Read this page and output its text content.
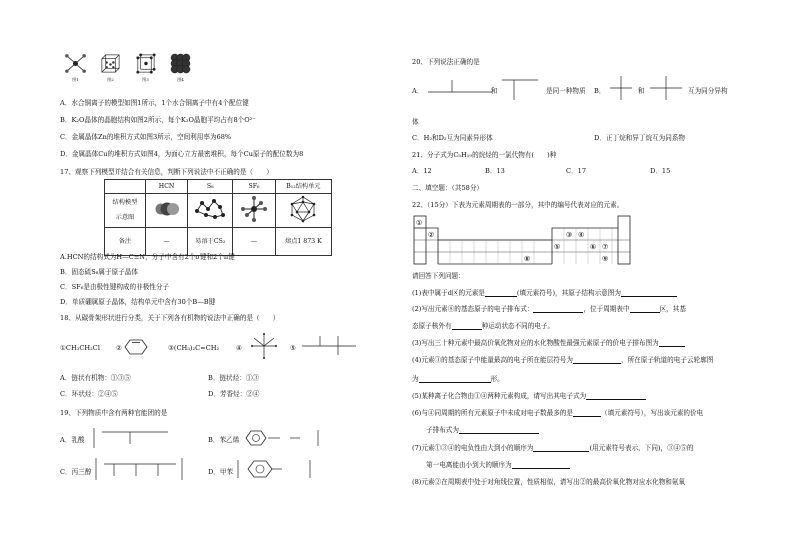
图1	图2	图3	图4
A．水合铜离子的模型如图1所示，1个水合铜离子中有4个配位键
B．K₂O晶体的晶胞结构如图2所示，每个K₂O晶胞平均占有8个O²⁻
C．金属晶体Zn的堆积方式如图3所示，空间利用率为68%
D．金属晶体Cu的堆积方式如图4，为面心立方最密堆积，每个Cu原子的配位数为8
17、观察下列模型并结合有关信息，判断下列说法中不正确的是（　　）
	HCN	S₈	SF₆	B₁₂结构单元
结构模型

示意图				
备注	—	易溶于CS₂	—	熔点1 873 K
A.HCN的结构式为H—C≡N，分子中含有2个σ键和2个π键
B．固态硫S₈属于原子晶体
C．SF₆是由极性键构成的非极性分子
D．单质硼属原子晶体，结构单元中含有30个B—B键
18、从碳骨架形状进行分类，关于下列各有机物的说法中正确的是（　　）
①CH₃CH₂Cl ②	③(CH₃)₂C=CH₂	④	⑤
A．链状有机物：①③⑤	B．链状烃：①③
C．环状烃：②④⑤	D．芳香烃：②④
19、下列物质中含有两种官能团的是
A．乳酸	B．苯乙烯
C．丙三醇	D．甲苯
20、下列说法正确的是
A．	和	是同一种物质 B．	和	互为同分异构
体
C．H₂和D₂互为同素异形体	D．正丁烷和异丁烷互为同系物
21、分子式为C₅H₁₀的烷烃的一氯代物有(　　)种
A．12	B．13	C．17	D．15
二、填空题：（共58分）
22、（15分）下表为元素周期表的一部分，其中的编号代表对应的元素。
①
②	③ ④
⑤	⑥ ⑦
⑧	⑨
请回答下列问题：
(1)表中属于d区的元素是	(填元素符号)，其原子结构示意图为
(2)写出元素⑧的基态原子的电子排布式：	，位于周期表中	区，其基
态原子核外有	种运动状态不同的电子。
(3)写出三十种元素中最高价氧化物对应的水化物酸性最强元素原子的价电子排布图为
(4)元素③的基态原子中能量最高的电子所在能层符号为	，所在原子轨道的电子云轮廓图
为	形。
(5)某种离子化合物由①④两种元素构成，请写出其电子式为
(6)与④同周期的所有元素原子中未成对电子数最多的是	（填元素符号），写出该元素的价电
子排布式为
(7)元素①③④的电负性由大到小的顺序为	(用元素符号表示，下同)，③④⑤的
第一电离能由小到大的顺序为
(8)元素②在周期表中处于对角线位置，性质相似，请写出②的最高价氧化物对应水化物和氨氧
